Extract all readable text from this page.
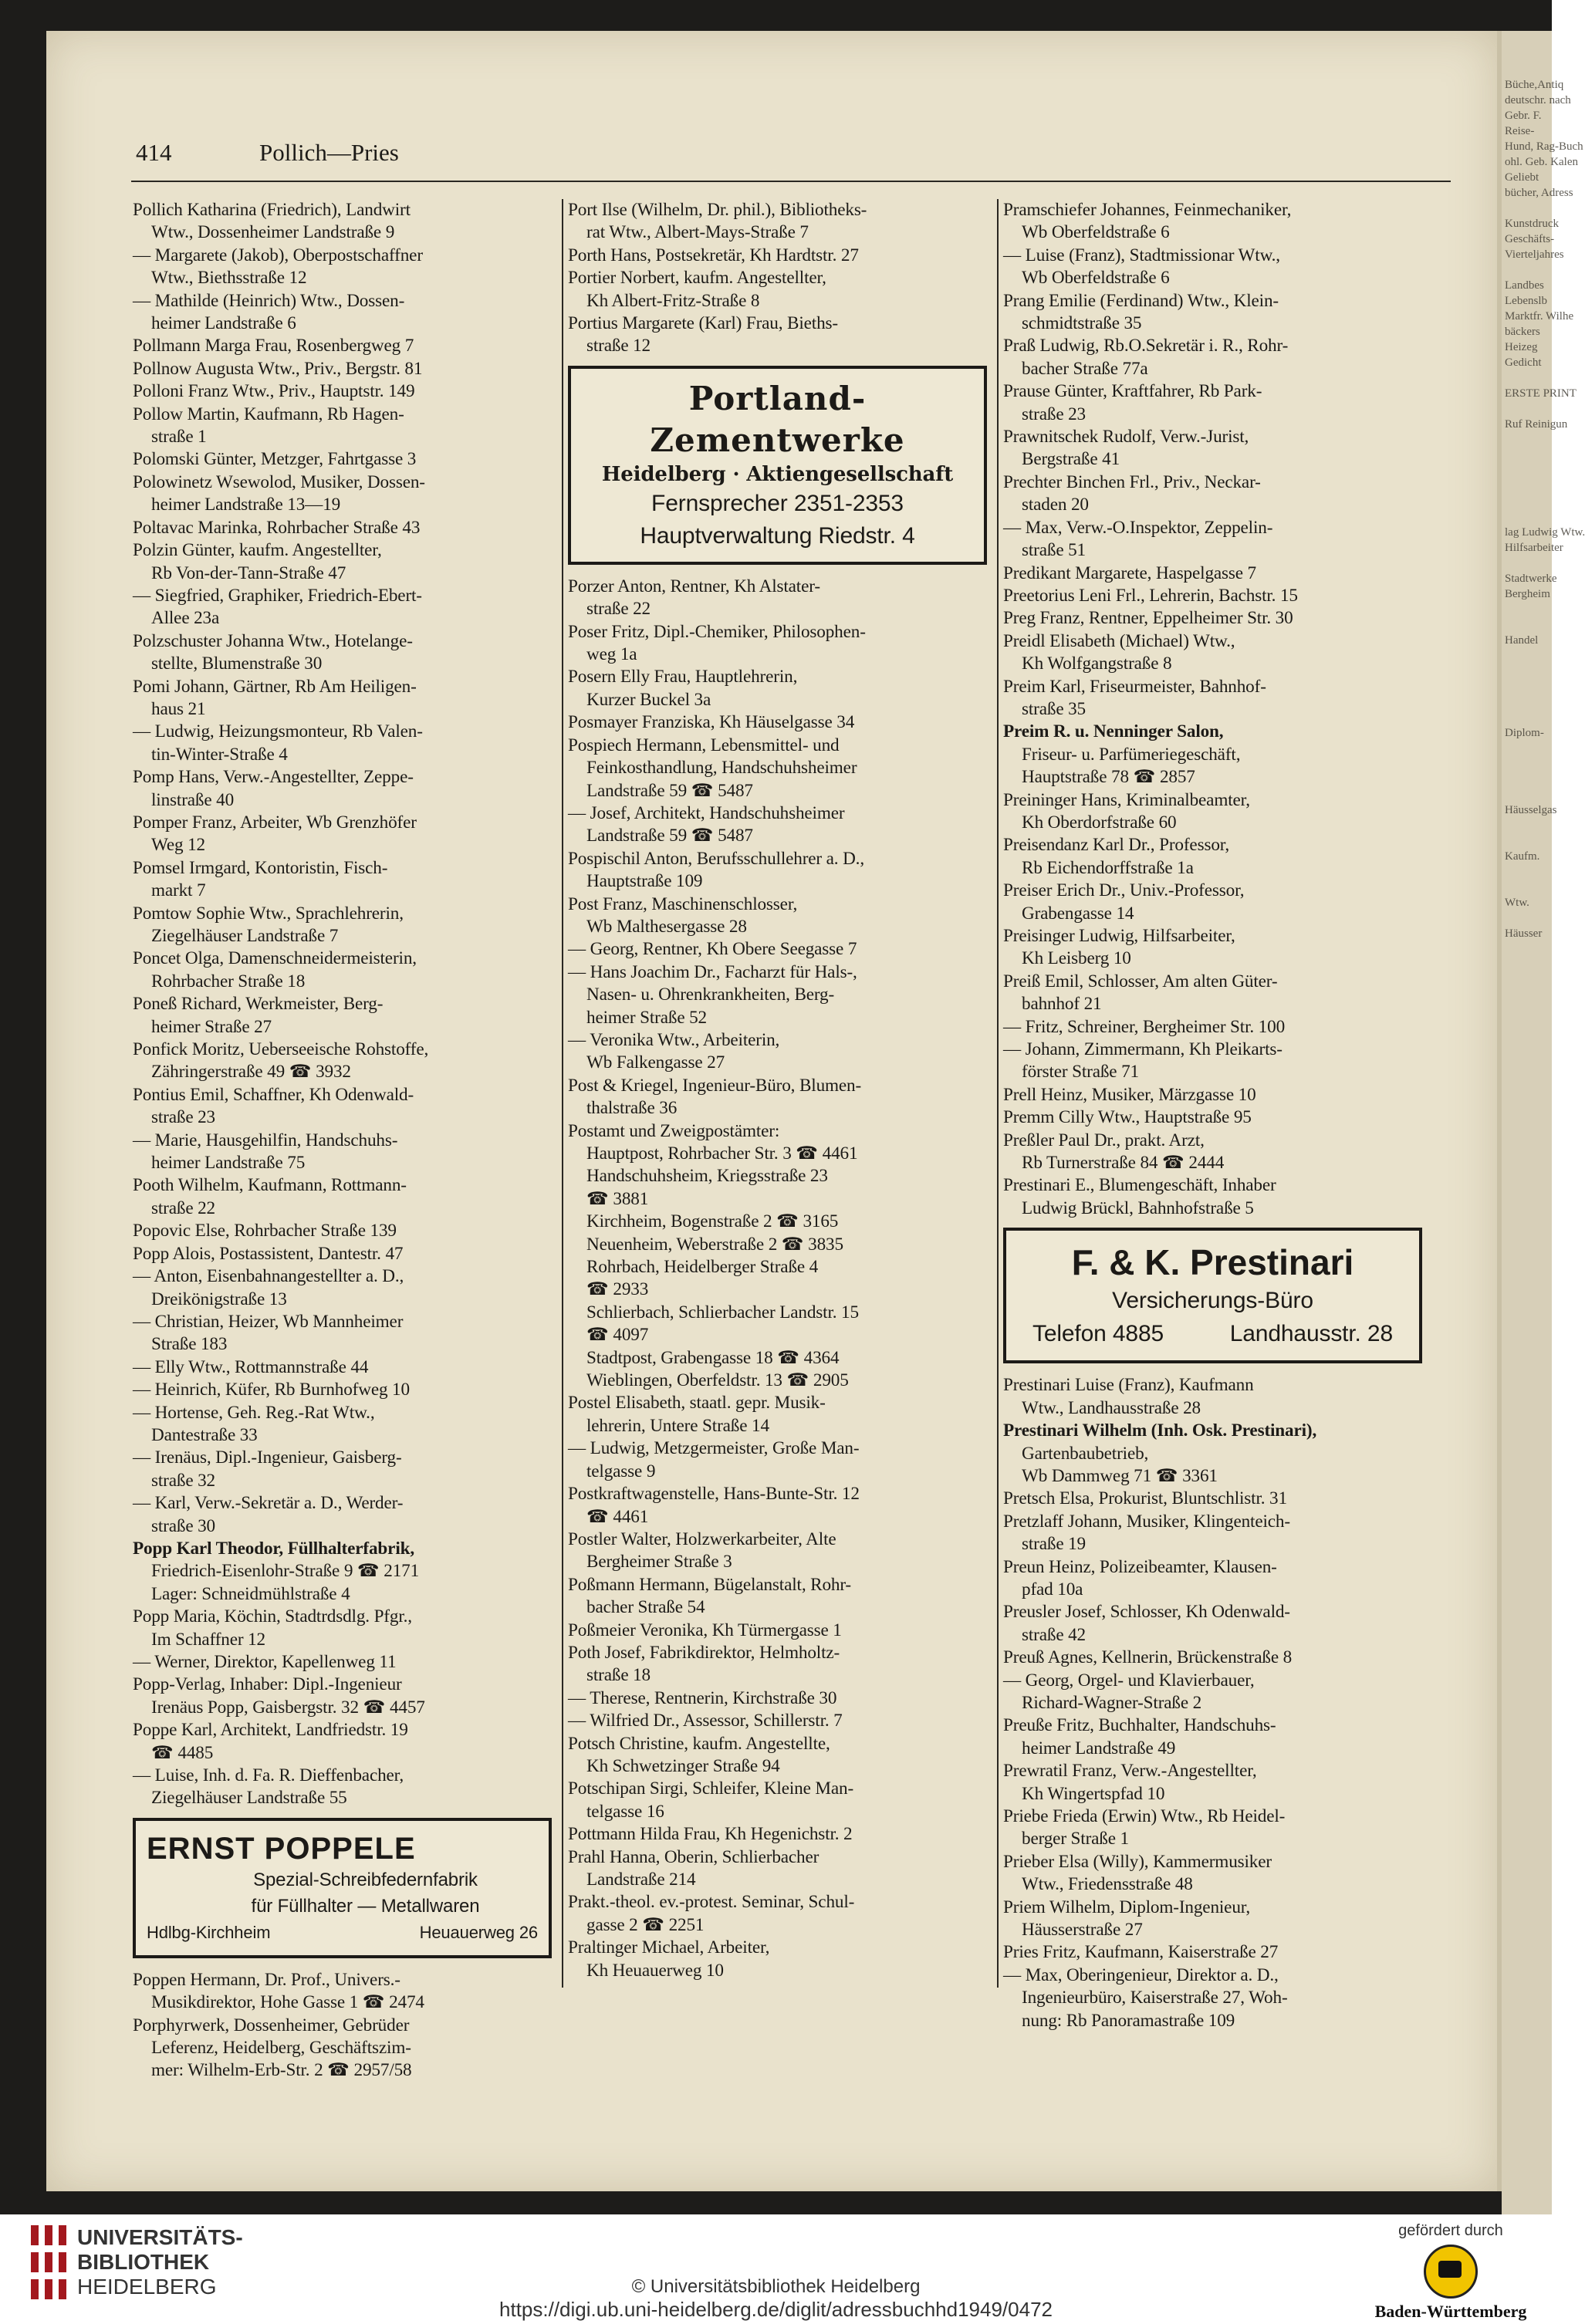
Büche,Antiq
deutschr. nach
Gebr. F.
Reise-
Hund, Rag-Buch
ohl. Geb. Kalen
Geliebt
bücher, Adress

Kunstdruck
Geschäfts-
Vierteljahres

Landbes
Lebenslb
Marktfr. Wilhe
bäckers
Heizeg
Gedicht

ERSTE PRINT

Ruf Reinigun

lag Ludwig Wtw.
Hilfsarbeiter

Stadtwerke
Bergheim

Handel

Diplom-

Häusselgas

Kaufm.

Wtw.

Häusser

414	Pollich—Pries
Pollich Katharina (Friedrich), Landwirt
Wtw., Dossenheimer Landstraße 9
— Margarete (Jakob), Oberpostschaffner
Wtw., Biethsstraße 12
— Mathilde (Heinrich) Wtw., Dossen-
heimer Landstraße 6
Pollmann Marga Frau, Rosenbergweg 7
Pollnow Augusta Wtw., Priv., Bergstr. 81
Polloni Franz Wtw., Priv., Hauptstr. 149
Pollow Martin, Kaufmann, Rb Hagen-
straße 1
Polomski Günter, Metzger, Fahrtgasse 3
Polowinetz Wsewolod, Musiker, Dossen-
heimer Landstraße 13—19
Poltavac Marinka, Rohrbacher Straße 43
Polzin Günter, kaufm. Angestellter,
Rb Von-der-Tann-Straße 47
— Siegfried, Graphiker, Friedrich-Ebert-
Allee 23a
Polzschuster Johanna Wtw., Hotelange-
stellte, Blumenstraße 30
Pomi Johann, Gärtner, Rb Am Heiligen-
haus 21
— Ludwig, Heizungsmonteur, Rb Valen-
tin-Winter-Straße 4
Pomp Hans, Verw.-Angestellter, Zeppe-
linstraße 40
Pomper Franz, Arbeiter, Wb Grenzhöfer
Weg 12
Pomsel Irmgard, Kontoristin, Fisch-
markt 7
Pomtow Sophie Wtw., Sprachlehrerin,
Ziegelhäuser Landstraße 7
Poncet Olga, Damenschneidermeisterin,
Rohrbacher Straße 18
Poneß Richard, Werkmeister, Berg-
heimer Straße 27
Ponfick Moritz, Ueberseeische Rohstoffe,
Zähringerstraße 49 ☎ 3932
Pontius Emil, Schaffner, Kh Odenwald-
straße 23
— Marie, Hausgehilfin, Handschuhs-
heimer Landstraße 75
Pooth Wilhelm, Kaufmann, Rottmann-
straße 22
Popovic Else, Rohrbacher Straße 139
Popp Alois, Postassistent, Dantestr. 47
— Anton, Eisenbahnangestellter a. D.,
Dreikönigstraße 13
— Christian, Heizer, Wb Mannheimer
Straße 183
— Elly Wtw., Rottmannstraße 44
— Heinrich, Küfer, Rb Burnhofweg 10
— Hortense, Geh. Reg.-Rat Wtw.,
Dantestraße 33
— Irenäus, Dipl.-Ingenieur, Gaisberg-
straße 32
— Karl, Verw.-Sekretär a. D., Werder-
straße 30
Popp Karl Theodor, Füllhalterfabrik,
Friedrich-Eisenlohr-Straße 9 ☎ 2171
Lager: Schneidmühlstraße 4
Popp Maria, Köchin, Stadtrdsdlg. Pfgr.,
Im Schaffner 12
— Werner, Direktor, Kapellenweg 11
Popp-Verlag, Inhaber: Dipl.-Ingenieur
Irenäus Popp, Gaisbergstr. 32 ☎ 4457
Poppe Karl, Architekt, Landfriedstr. 19
☎ 4485
— Luise, Inh. d. Fa. R. Dieffenbacher,
Ziegelhäuser Landstraße 55
ERNST POPPELE
Spezial-Schreibfedernfabrik
für Füllhalter — Metallwaren
Hdlbg-Kirchheim	Heuauerweg 26
Poppen Hermann, Dr. Prof., Univers.-
Musikdirektor, Hohe Gasse 1 ☎ 2474
Porphyrwerk, Dossenheimer, Gebrüder
Leferenz, Heidelberg, Geschäftszim-
mer: Wilhelm-Erb-Str. 2 ☎ 2957/58
Port Ilse (Wilhelm, Dr. phil.), Bibliotheks-
rat Wtw., Albert-Mays-Straße 7
Porth Hans, Postsekretär, Kh Hardtstr. 27
Portier Norbert, kaufm. Angestellter,
Kh Albert-Fritz-Straße 8
Portius Margarete (Karl) Frau, Bieths-
straße 12
Portland-Zementwerke
Heidelberg · Aktiengesellschaft
Fernsprecher 2351-2353
Hauptverwaltung Riedstr. 4
Porzer Anton, Rentner, Kh Alstater-
straße 22
Poser Fritz, Dipl.-Chemiker, Philosophen-
weg 1a
Posern Elly Frau, Hauptlehrerin,
Kurzer Buckel 3a
Posmayer Franziska, Kh Häuselgasse 34
Pospiech Hermann, Lebensmittel- und
Feinkosthandlung, Handschuhsheimer
Landstraße 59 ☎ 5487
— Josef, Architekt, Handschuhsheimer
Landstraße 59 ☎ 5487
Pospischil Anton, Berufsschullehrer a. D.,
Hauptstraße 109
Post Franz, Maschinenschlosser,
Wb Malthesergasse 28
— Georg, Rentner, Kh Obere Seegasse 7
— Hans Joachim Dr., Facharzt für Hals-,
Nasen- u. Ohrenkrankheiten, Berg-
heimer Straße 52
— Veronika Wtw., Arbeiterin,
Wb Falkengasse 27
Post & Kriegel, Ingenieur-Büro, Blumen-
thalstraße 36
Postamt und Zweigpostämter:
Hauptpost, Rohrbacher Str. 3 ☎ 4461
Handschuhsheim, Kriegsstraße 23
☎ 3881
Kirchheim, Bogenstraße 2 ☎ 3165
Neuenheim, Weberstraße 2 ☎ 3835
Rohrbach, Heidelberger Straße 4
☎ 2933
Schlierbach, Schlierbacher Landstr. 15
☎ 4097
Stadtpost, Grabengasse 18 ☎ 4364
Wieblingen, Oberfeldstr. 13 ☎ 2905
Postel Elisabeth, staatl. gepr. Musik-
lehrerin, Untere Straße 14
— Ludwig, Metzgermeister, Große Man-
telgasse 9
Postkraftwagenstelle, Hans-Bunte-Str. 12
☎ 4461
Postler Walter, Holzwerkarbeiter, Alte
Bergheimer Straße 3
Poßmann Hermann, Bügelanstalt, Rohr-
bacher Straße 54
Poßmeier Veronika, Kh Türmergasse 1
Poth Josef, Fabrikdirektor, Helmholtz-
straße 18
— Therese, Rentnerin, Kirchstraße 30
— Wilfried Dr., Assessor, Schillerstr. 7
Potsch Christine, kaufm. Angestellte,
Kh Schwetzinger Straße 94
Potschipan Sirgi, Schleifer, Kleine Man-
telgasse 16
Pottmann Hilda Frau, Kh Hegenichstr. 2
Prahl Hanna, Oberin, Schlierbacher
Landstraße 214
Prakt.-theol. ev.-protest. Seminar, Schul-
gasse 2 ☎ 2251
Praltinger Michael, Arbeiter,
Kh Heuauerweg 10
Pramschiefer Johannes, Feinmechaniker,
Wb Oberfeldstraße 6
— Luise (Franz), Stadtmissionar Wtw.,
Wb Oberfeldstraße 6
Prang Emilie (Ferdinand) Wtw., Klein-
schmidtstraße 35
Praß Ludwig, Rb.O.Sekretär i. R., Rohr-
bacher Straße 77a
Prause Günter, Kraftfahrer, Rb Park-
straße 23
Prawnitschek Rudolf, Verw.-Jurist,
Bergstraße 41
Prechter Binchen Frl., Priv., Neckar-
staden 20
— Max, Verw.-O.Inspektor, Zeppelin-
straße 51
Predikant Margarete, Haspelgasse 7
Preetorius Leni Frl., Lehrerin, Bachstr. 15
Preg Franz, Rentner, Eppelheimer Str. 30
Preidl Elisabeth (Michael) Wtw.,
Kh Wolfgangstraße 8
Preim Karl, Friseurmeister, Bahnhof-
straße 35
Preim R. u. Nenninger Salon,
Friseur- u. Parfümeriegeschäft,
Hauptstraße 78 ☎ 2857
Preininger Hans, Kriminalbeamter,
Kh Oberdorfstraße 60
Preisendanz Karl Dr., Professor,
Rb Eichendorffstraße 1a
Preiser Erich Dr., Univ.-Professor,
Grabengasse 14
Preisinger Ludwig, Hilfsarbeiter,
Kh Leisberg 10
Preiß Emil, Schlosser, Am alten Güter-
bahnhof 21
— Fritz, Schreiner, Bergheimer Str. 100
— Johann, Zimmermann, Kh Pleikarts-
förster Straße 71
Prell Heinz, Musiker, Märzgasse 10
Premm Cilly Wtw., Hauptstraße 95
Preßler Paul Dr., prakt. Arzt,
Rb Turnerstraße 84 ☎ 2444
Prestinari E., Blumengeschäft, Inhaber
Ludwig Brückl, Bahnhofstraße 5
F. & K. Prestinari
Versicherungs-Büro
Telefon 4885	Landhausstr. 28
Prestinari Luise (Franz), Kaufmann
Wtw., Landhausstraße 28
Prestinari Wilhelm (Inh. Osk. Prestinari),
Gartenbaubetrieb,
Wb Dammweg 71 ☎ 3361
Pretsch Elsa, Prokurist, Bluntschlistr. 31
Pretzlaff Johann, Musiker, Klingenteich-
straße 19
Preun Heinz, Polizeibeamter, Klausen-
pfad 10a
Preusler Josef, Schlosser, Kh Odenwald-
straße 42
Preuß Agnes, Kellnerin, Brückenstraße 8
— Georg, Orgel- und Klavierbauer,
Richard-Wagner-Straße 2
Preuße Fritz, Buchhalter, Handschuhs-
heimer Landstraße 49
Prewratil Franz, Verw.-Angestellter,
Kh Wingertspfad 10
Priebe Frieda (Erwin) Wtw., Rb Heidel-
berger Straße 1
Prieber Elsa (Willy), Kammermusiker
Wtw., Friedensstraße 48
Priem Wilhelm, Diplom-Ingenieur,
Häusserstraße 27
Pries Fritz, Kaufmann, Kaiserstraße 27
— Max, Oberingenieur, Direktor a. D.,
Ingenieurbüro, Kaiserstraße 27, Woh-
nung: Rb Panoramastraße 109
UNIVERSITÄTS-
BIBLIOTHEK
HEIDELBERG	© Universitätsbibliothek Heidelberg
https://digi.ub.uni-heidelberg.de/diglit/adressbuchhd1949/0472
gefördert durch
Baden-Württemberg
